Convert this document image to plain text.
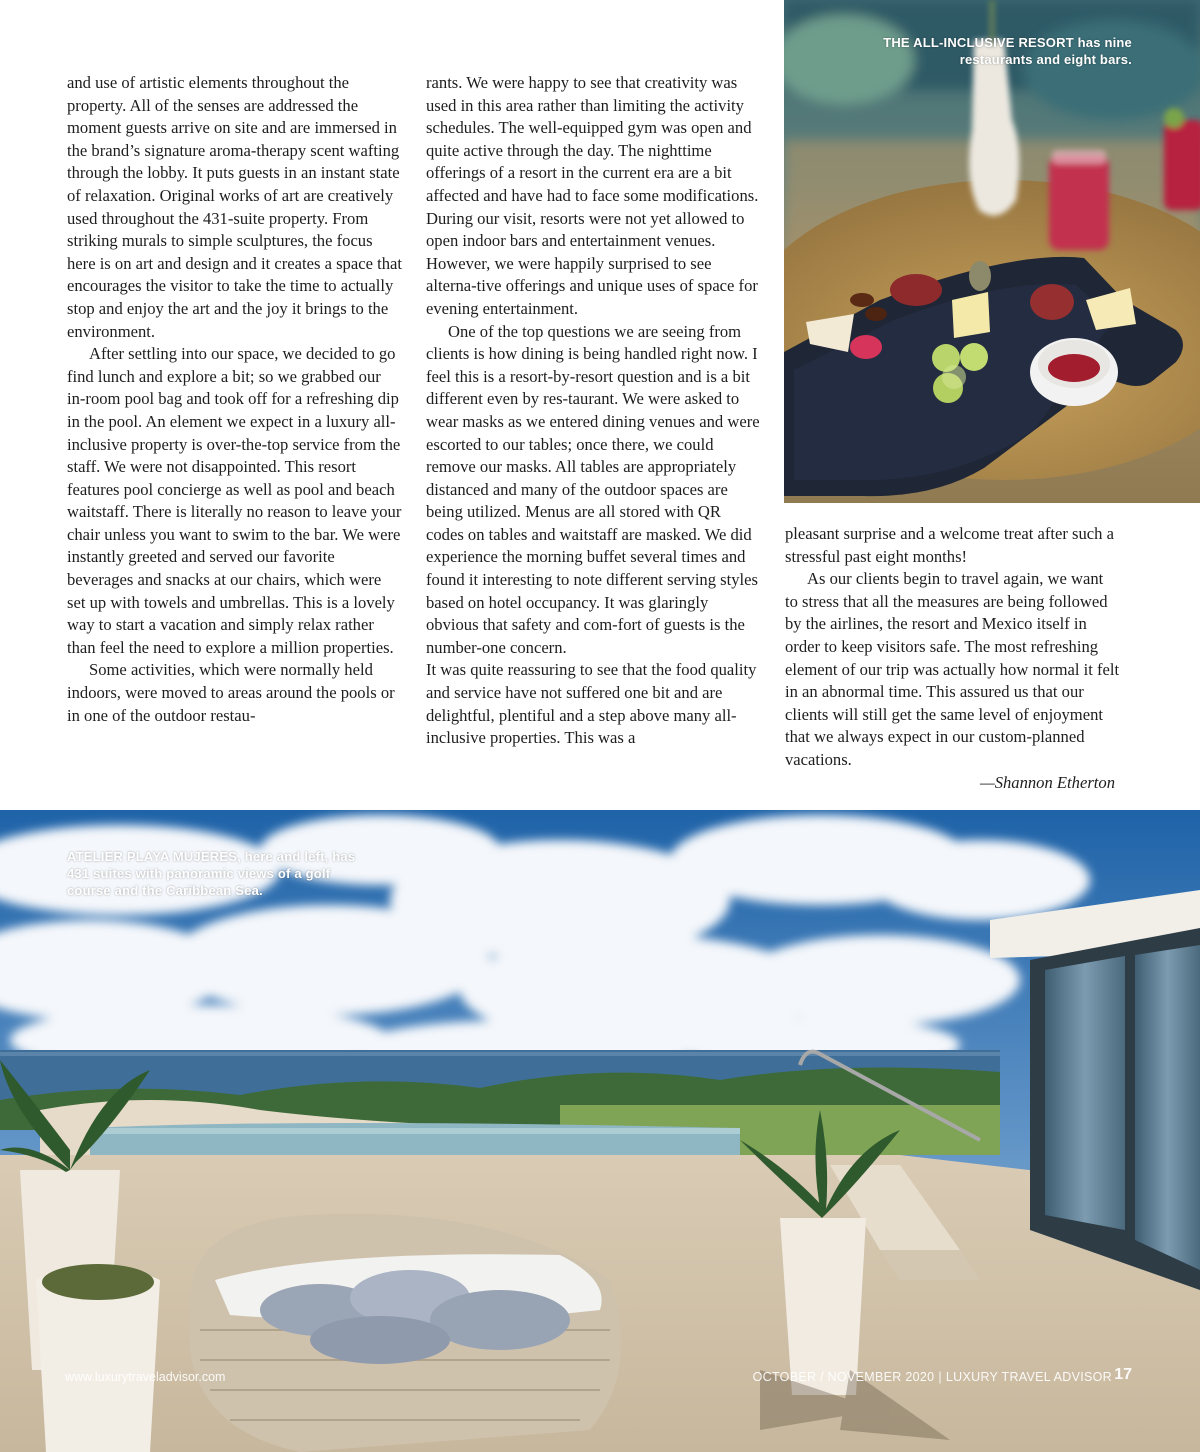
and use of artistic elements throughout the property. All of the senses are addressed the moment guests arrive on site and are immersed in the brand’s signature aroma-therapy scent wafting through the lobby. It puts guests in an instant state of relaxation. Original works of art are creatively used throughout the 431-suite property. From striking murals to simple sculptures, the focus here is on art and design and it creates a space that encourages the visitor to take the time to actually stop and enjoy the art and the joy it brings to the environment.

After settling into our space, we decided to go find lunch and explore a bit; so we grabbed our in-room pool bag and took off for a refreshing dip in the pool. An element we expect in a luxury all-inclusive property is over-the-top service from the staff. We were not disappointed. This resort features pool concierge as well as pool and beach waitstaff. There is literally no reason to leave your chair unless you want to swim to the bar. We were instantly greeted and served our favorite beverages and snacks at our chairs, which were set up with towels and umbrellas. This is a lovely way to start a vacation and simply relax rather than feel the need to explore a million properties.

Some activities, which were normally held indoors, were moved to areas around the pools or in one of the outdoor restau-

rants. We were happy to see that creativity was used in this area rather than limiting the activity schedules. The well-equipped gym was open and quite active through the day. The nighttime offerings of a resort in the current era are a bit affected and have had to face some modifications. During our visit, resorts were not yet allowed to open indoor bars and entertainment venues. However, we were happily surprised to see alterna-tive offerings and unique uses of space for evening entertainment.

One of the top questions we are seeing from clients is how dining is being handled right now. I feel this is a resort-by-resort question and is a bit different even by res-taurant. We were asked to wear masks as we entered dining venues and were escorted to our tables; once there, we could remove our masks. All tables are appropriately distanced and many of the outdoor spaces are being utilized. Menus are all stored with QR codes on tables and waitstaff are masked. We did experience the morning buffet several times and found it interesting to note different serving styles based on hotel occupancy. It was glaringly obvious that safety and com-fort of guests is the number-one concern.

It was quite reassuring to see that the food quality and service have not suffered one bit and are delightful, plentiful and a step above many all-inclusive properties. This was a

THE ALL-INCLUSIVE RESORT has nine restaurants and eight bars.

pleasant surprise and a welcome treat after such a stressful past eight months!

As our clients begin to travel again, we want to stress that all the measures are being followed by the airlines, the resort and Mexico itself in order to keep visitors safe. The most refreshing element of our trip was actually how normal it felt in an abnormal time. This assured us that our clients will still get the same level of enjoyment that we always expect in our custom-planned vacations.

—Shannon Etherton

ATELIER PLAYA MUJERES, here and left, has 431 suites with panoramic views of a golf course and the Caribbean Sea.
www.luxurytraveladvisor.com	OCTOBER / NOVEMBER 2020 | LUXURY TRAVEL ADVISOR 17
